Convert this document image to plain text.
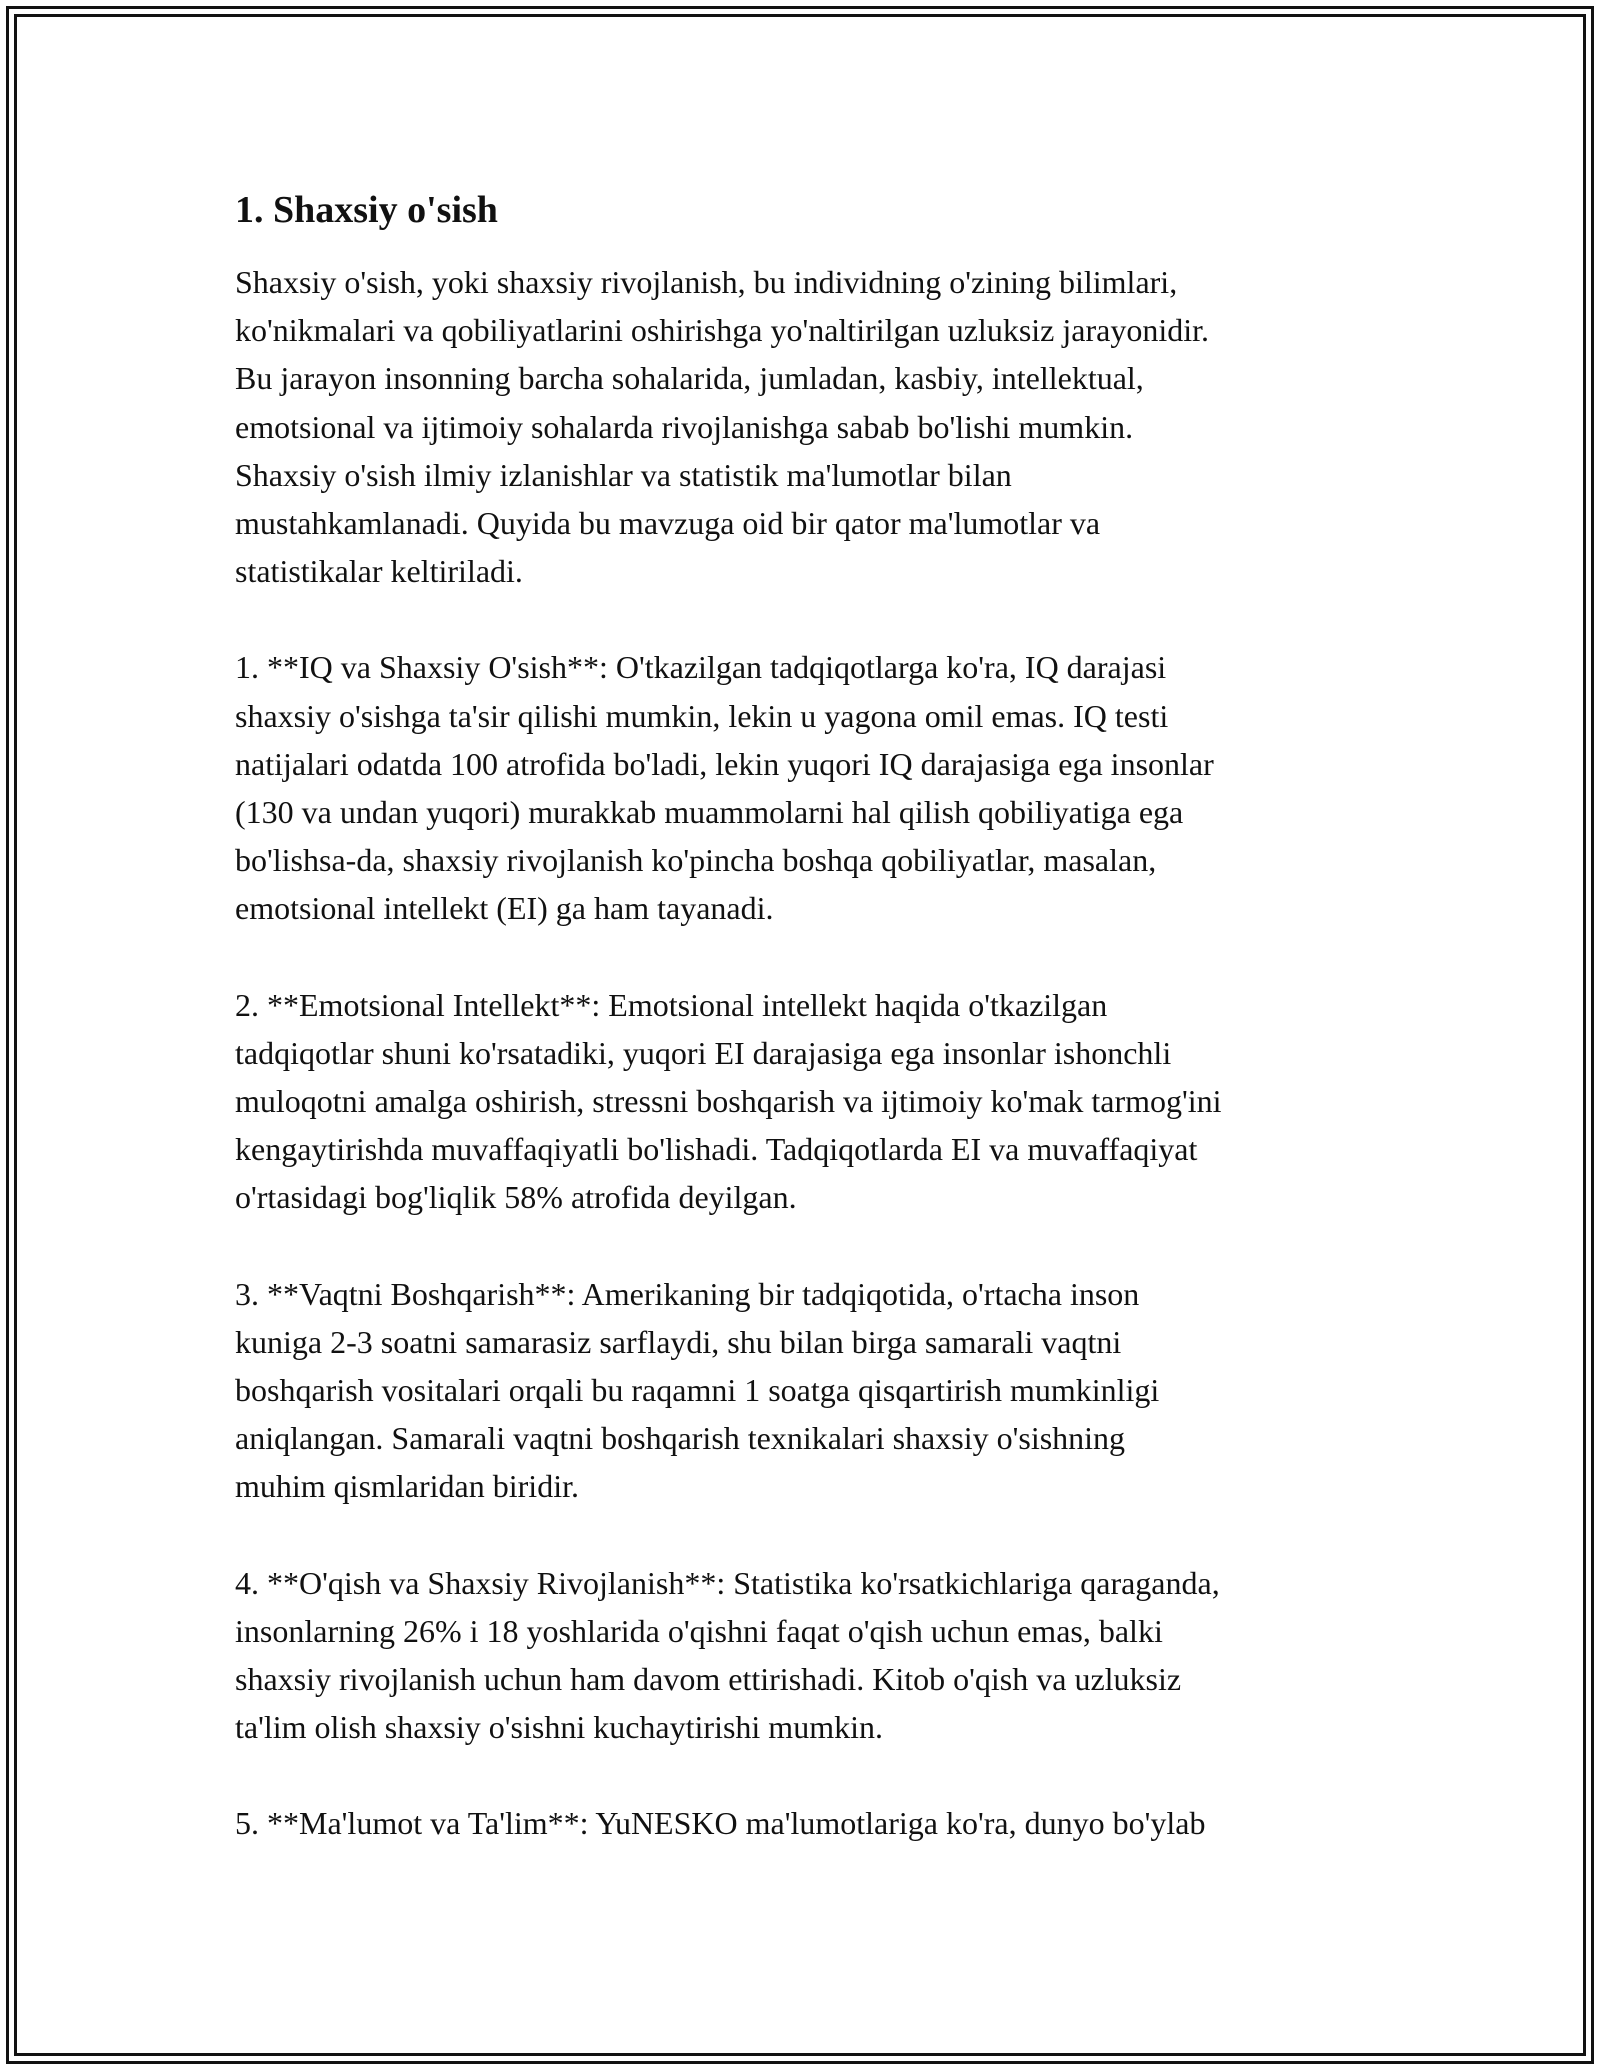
1. Shaxsiy o'sish

Shaxsiy o'sish, yoki shaxsiy rivojlanish, bu individning o'zining bilimlari,
ko'nikmalari va qobiliyatlarini oshirishga yo'naltirilgan uzluksiz jarayonidir.
Bu jarayon insonning barcha sohalarida, jumladan, kasbiy, intellektual,
emotsional va ijtimoiy sohalarda rivojlanishga sabab bo'lishi mumkin.
Shaxsiy o'sish ilmiy izlanishlar va statistik ma'lumotlar bilan
mustahkamlanadi. Quyida bu mavzuga oid bir qator ma'lumotlar va
statistikalar keltiriladi.

1. **IQ va Shaxsiy O'sish**: O'tkazilgan tadqiqotlarga ko'ra, IQ darajasi
shaxsiy o'sishga ta'sir qilishi mumkin, lekin u yagona omil emas. IQ testi
natijalari odatda 100 atrofida bo'ladi, lekin yuqori IQ darajasiga ega insonlar
(130 va undan yuqori) murakkab muammolarni hal qilish qobiliyatiga ega
bo'lishsa-da, shaxsiy rivojlanish ko'pincha boshqa qobiliyatlar, masalan,
emotsional intellekt (EI) ga ham tayanadi.

2. **Emotsional Intellekt**: Emotsional intellekt haqida o'tkazilgan
tadqiqotlar shuni ko'rsatadiki, yuqori EI darajasiga ega insonlar ishonchli
muloqotni amalga oshirish, stressni boshqarish va ijtimoiy ko'mak tarmog'ini
kengaytirishda muvaffaqiyatli bo'lishadi. Tadqiqotlarda EI va muvaffaqiyat
o'rtasidagi bog'liqlik 58% atrofida deyilgan.

3. **Vaqtni Boshqarish**: Amerikaning bir tadqiqotida, o'rtacha inson
kuniga 2-3 soatni samarasiz sarflaydi, shu bilan birga samarali vaqtni
boshqarish vositalari orqali bu raqamni 1 soatga qisqartirish mumkinligi
aniqlangan. Samarali vaqtni boshqarish texnikalari shaxsiy o'sishning
muhim qismlaridan biridir.

4. **O'qish va Shaxsiy Rivojlanish**: Statistika ko'rsatkichlariga qaraganda,
insonlarning 26% i 18 yoshlarida o'qishni faqat o'qish uchun emas, balki
shaxsiy rivojlanish uchun ham davom ettirishadi. Kitob o'qish va uzluksiz
ta'lim olish shaxsiy o'sishni kuchaytirishi mumkin.

5. **Ma'lumot va Ta'lim**: YuNESKO ma'lumotlariga ko'ra, dunyo bo'ylab
